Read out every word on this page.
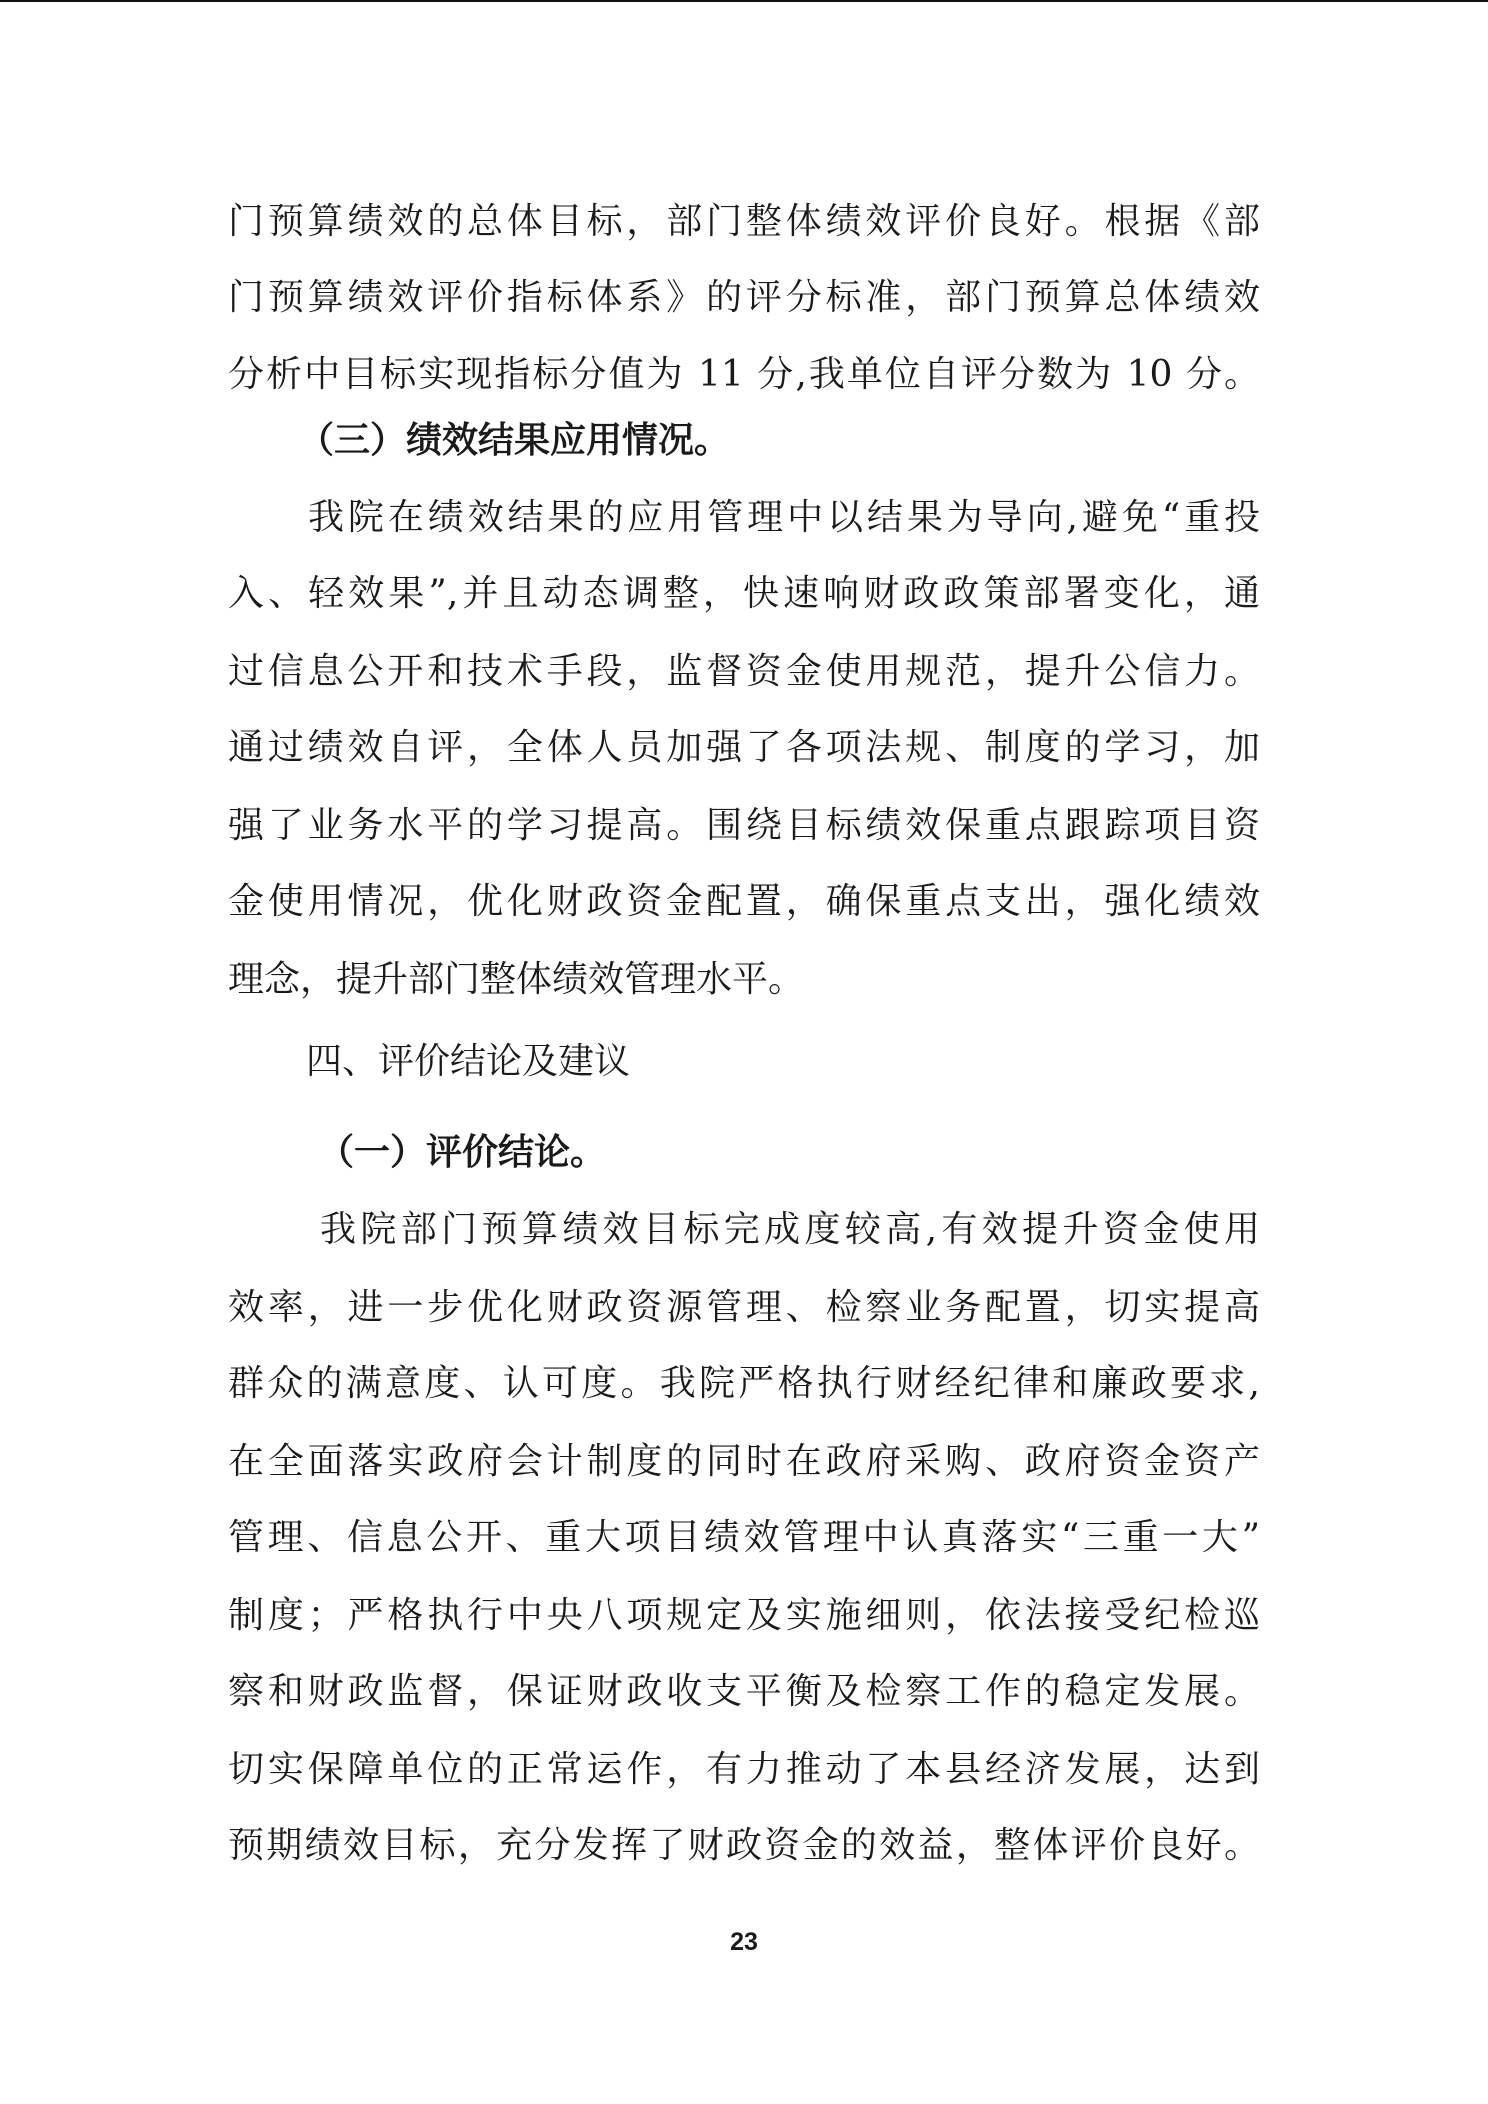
门预算绩效的总体目标，部门整体绩效评价良好。根据《部
门预算绩效评价指标体系》的评分标准，部门预算总体绩效
分析中目标实现指标分值为 11 分,我单位自评分数为 10 分。
（三）绩效结果应用情况。
我院在绩效结果的应用管理中以结果为导向,避免“重投
入、轻效果”,并且动态调整，快速响财政政策部署变化，通
过信息公开和技术手段，监督资金使用规范，提升公信力。
通过绩效自评，全体人员加强了各项法规、制度的学习，加
强了业务水平的学习提高。围绕目标绩效保重点跟踪项目资
金使用情况，优化财政资金配置，确保重点支出，强化绩效
理念，提升部门整体绩效管理水平。
四、评价结论及建议
（一）评价结论。
我院部门预算绩效目标完成度较高,有效提升资金使用
效率，进一步优化财政资源管理、检察业务配置，切实提高
群众的满意度、认可度。我院严格执行财经纪律和廉政要求,
在全面落实政府会计制度的同时在政府采购、政府资金资产
管理、信息公开、重大项目绩效管理中认真落实“三重一大”
制度；严格执行中央八项规定及实施细则，依法接受纪检巡
察和财政监督，保证财政收支平衡及检察工作的稳定发展。
切实保障单位的正常运作，有力推动了本县经济发展，达到
预期绩效目标，充分发挥了财政资金的效益，整体评价良好。
23
